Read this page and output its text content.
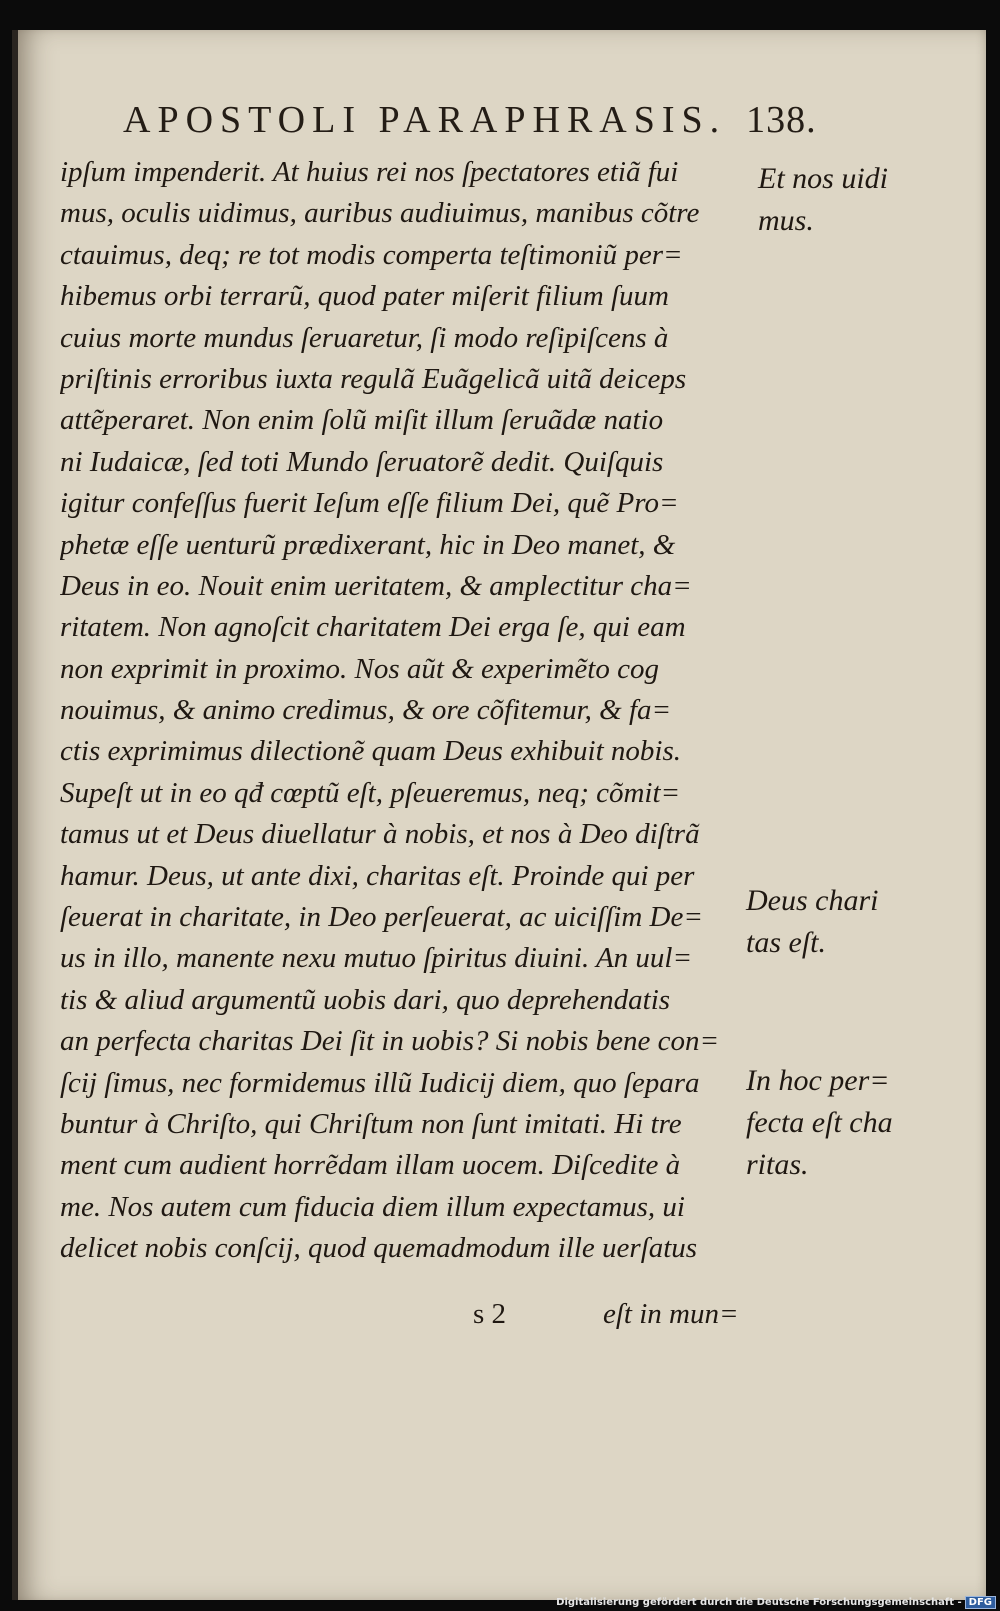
APOSTOLI PARAPHRASIS. 138.
ipſum impenderit. At huius rei nos ſpectatores etiã fui
mus, oculis uidimus, auribus audiuimus, manibus cõtre
ctauimus, deq; re tot modis comperta teſtimoniũ per=
hibemus orbi terrarũ, quod pater miſerit filium ſuum
cuius morte mundus ſeruaretur, ſi modo reſipiſcens à
priſtinis erroribus iuxta regulã Euãgelicã uitã deiceps
attẽperaret. Non enim ſolũ miſit illum ſeruãdæ natio
ni Iudaicæ, ſed toti Mundo ſeruatorẽ dedit. Quiſquis
igitur confeſſus fuerit Ieſum eſſe filium Dei, quẽ Pro=
phetæ eſſe uenturũ prædixerant, hic in Deo manet, &
Deus in eo. Nouit enim ueritatem, & amplectitur cha=
ritatem. Non agnoſcit charitatem Dei erga ſe, qui eam
non exprimit in proximo. Nos aũt & experimẽto cog
nouimus, & animo credimus, & ore cõfitemur, & fa=
ctis exprimimus dilectionẽ quam Deus exhibuit nobis.
Supeſt ut in eo qđ cœptũ eſt, pſeueremus, neq; cõmit=
tamus ut et Deus diuellatur à nobis, et nos à Deo diſtrã
hamur. Deus, ut ante dixi, charitas eſt. Proinde qui per
ſeuerat in charitate, in Deo perſeuerat, ac uiciſſim De=
us in illo, manente nexu mutuo ſpiritus diuini. An uul=
tis & aliud argumentũ uobis dari, quo deprehendatis
an perfecta charitas Dei ſit in uobis? Si nobis bene con=
ſcij ſimus, nec formidemus illũ Iudicij diem, quo ſepara
buntur à Chriſto, qui Chriſtum non ſunt imitati. Hi tre
ment cum audient horrẽdam illam uocem. Diſcedite à
me. Nos autem cum fiducia diem illum expectamus, ui
delicet nobis conſcij, quod quemadmodum ille uerſatus
Et nos uidi
mus.
Deus chari
tas eſt.
In hoc per=
fecta eſt cha
ritas.
s 2	eſt in mun=
Digitalisierung gefördert durch die Deutsche Forschungsgemeinschaft - DFG
